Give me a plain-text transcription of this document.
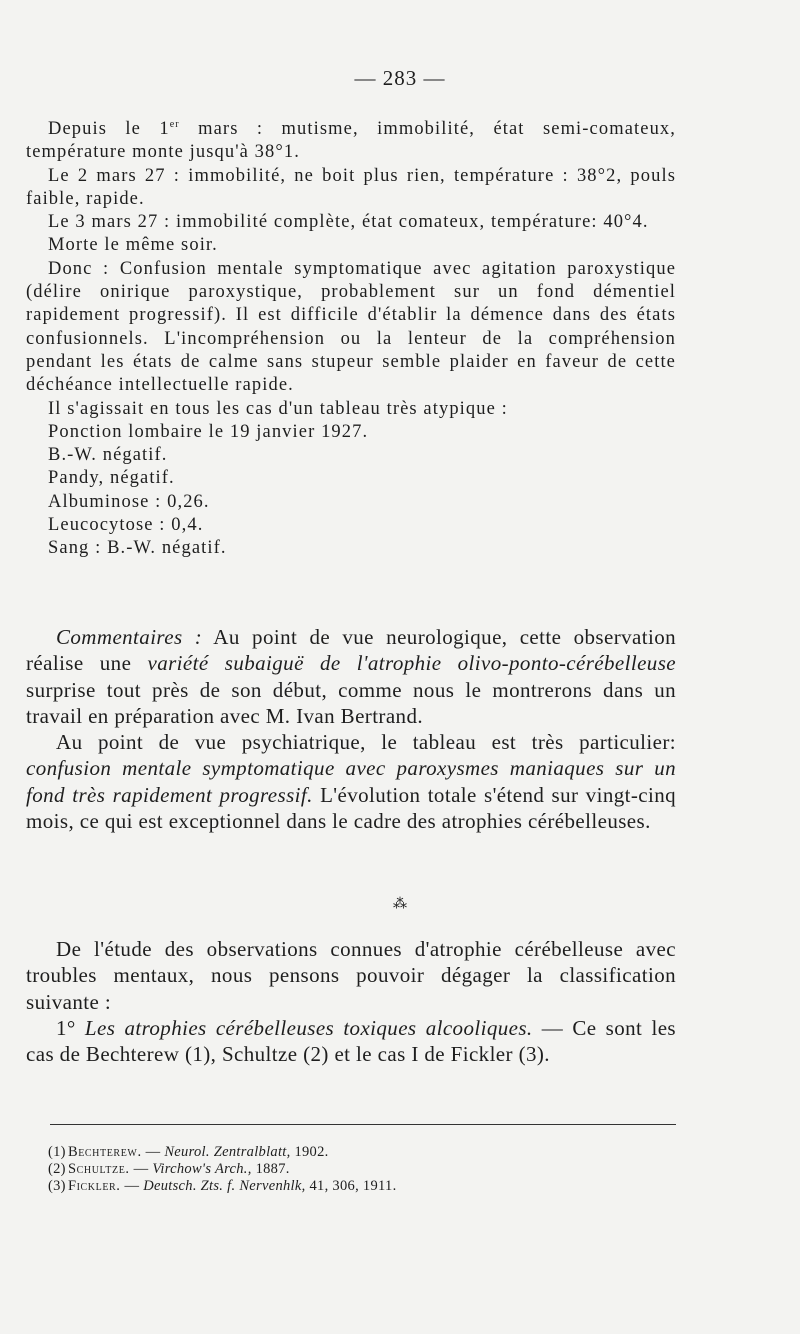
— 283 —

Depuis le 1er mars : mutisme, immobilité, état semi-comateux, température monte jusqu'à 38°1.

Le 2 mars 27 : immobilité, ne boit plus rien, température : 38°2, pouls faible, rapide.

Le 3 mars 27 : immobilité complète, état comateux, température: 40°4.

Morte le même soir.

Donc : Confusion mentale symptomatique avec agitation paroxystique (délire onirique paroxystique, probablement sur un fond démentiel rapidement progressif). Il est difficile d'établir la démence dans des états confusionnels. L'incompréhension ou la lenteur de la compréhension pendant les états de calme sans stupeur semble plaider en faveur de cette déchéance intellectuelle rapide.

Il s'agissait en tous les cas d'un tableau très atypique :

Ponction lombaire le 19 janvier 1927.

B.-W. négatif.

Pandy, négatif.

Albuminose : 0,26.

Leucocytose : 0,4.

Sang : B.-W. négatif.

Commentaires : Au point de vue neurologique, cette observation réalise une variété subaiguë de l'atrophie olivo-ponto-cérébelleuse surprise tout près de son début, comme nous le montrerons dans un travail en préparation avec M. Ivan Bertrand.

Au point de vue psychiatrique, le tableau est très particulier: confusion mentale symptomatique avec paroxysmes maniaques sur un fond très rapidement progressif. L'évolution totale s'étend sur vingt-cinq mois, ce qui est exceptionnel dans le cadre des atrophies cérébelleuses.

⁂

De l'étude des observations connues d'atrophie cérébelleuse avec troubles mentaux, nous pensons pouvoir dégager la classification suivante :

1° Les atrophies cérébelleuses toxiques alcooliques. — Ce sont les cas de Bechterew (1), Schultze (2) et le cas I de Fickler (3).

(1) Bechterew. — Neurol. Zentralblatt, 1902.
(2) Schultze. — Virchow's Arch., 1887.
(3) Fickler. — Deutsch. Zts. f. Nervenhlk, 41, 306, 1911.
